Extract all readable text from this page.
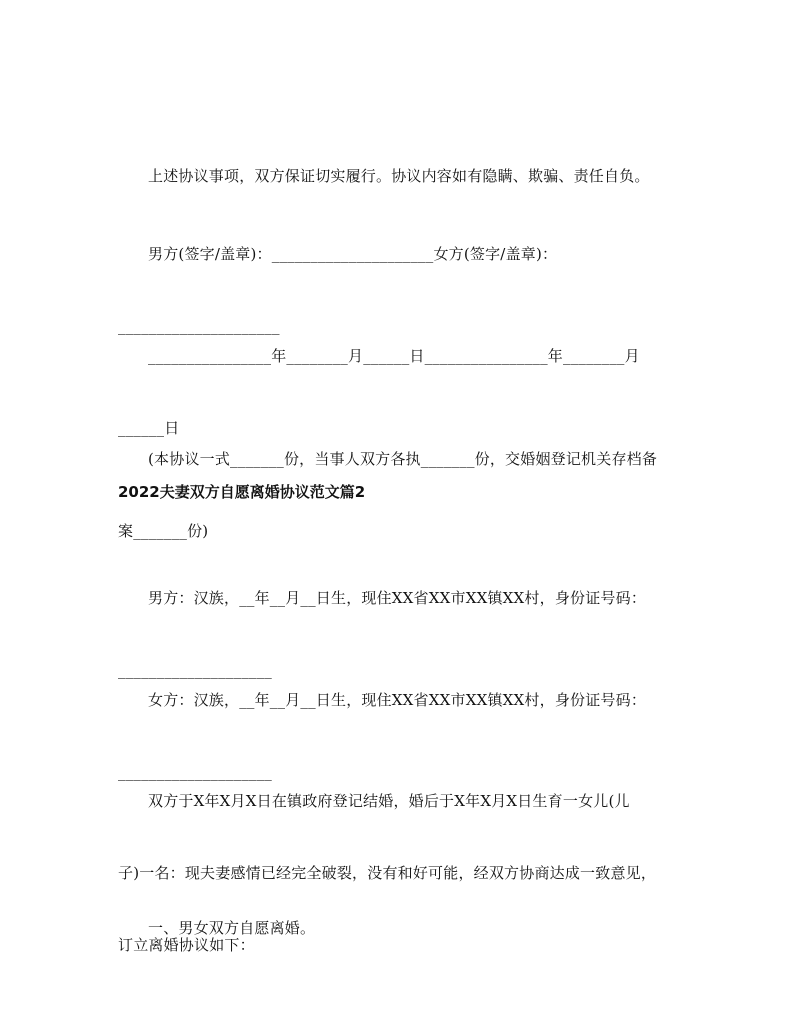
上述协议事项，双方保证切实履行。协议内容如有隐瞒、欺骗、责任自负。

男方(签字/盖章)：_____________________女方(签字/盖章)：

_____________________

________________年________月______日________________年________月

______日

(本协议一式_______份，当事人双方各执_______份，交婚姻登记机关存档备

案_______份)

2022夫妻双方自愿离婚协议范文篇2

男方：汉族，__年__月__日生，现住XX省XX市XX镇XX村，身份证号码：

____________________

女方：汉族，__年__月__日生，现住XX省XX市XX镇XX村，身份证号码：

____________________

双方于X年X月X日在镇政府登记结婚，婚后于X年X月X日生育一女儿(儿

子)一名：现夫妻感情已经完全破裂，没有和好可能，经双方协商达成一致意见，

订立离婚协议如下：

一、男女双方自愿离婚。
